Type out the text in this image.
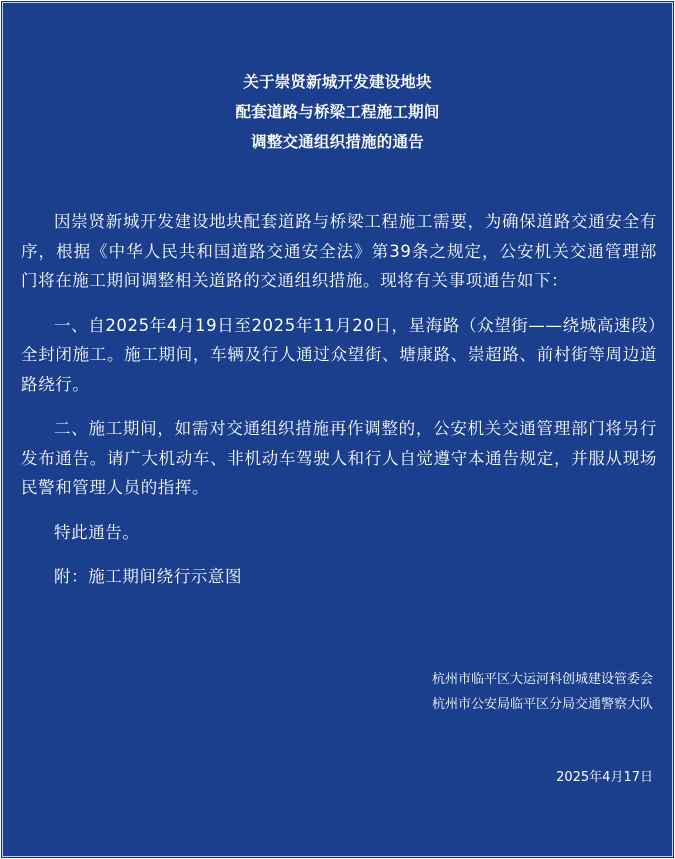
关于崇贤新城开发建设地块
配套道路与桥梁工程施工期间
调整交通组织措施的通告

因崇贤新城开发建设地块配套道路与桥梁工程施工需要，为确保道路交通安全有序，根据《中华人民共和国道路交通安全法》第39条之规定，公安机关交通管理部门将在施工期间调整相关道路的交通组织措施。现将有关事项通告如下：

一、自2025年4月19日至2025年11月20日，星海路（众望街——绕城高速段）全封闭施工。施工期间，车辆及行人通过众望街、塘康路、崇超路、前村街等周边道路绕行。

二、施工期间，如需对交通组织措施再作调整的，公安机关交通管理部门将另行发布通告。请广大机动车、非机动车驾驶人和行人自觉遵守本通告规定，并服从现场民警和管理人员的指挥。

特此通告。

附：施工期间绕行示意图

杭州市临平区大运河科创城建设管委会
杭州市公安局临平区分局交通警察大队
2025年4月17日
